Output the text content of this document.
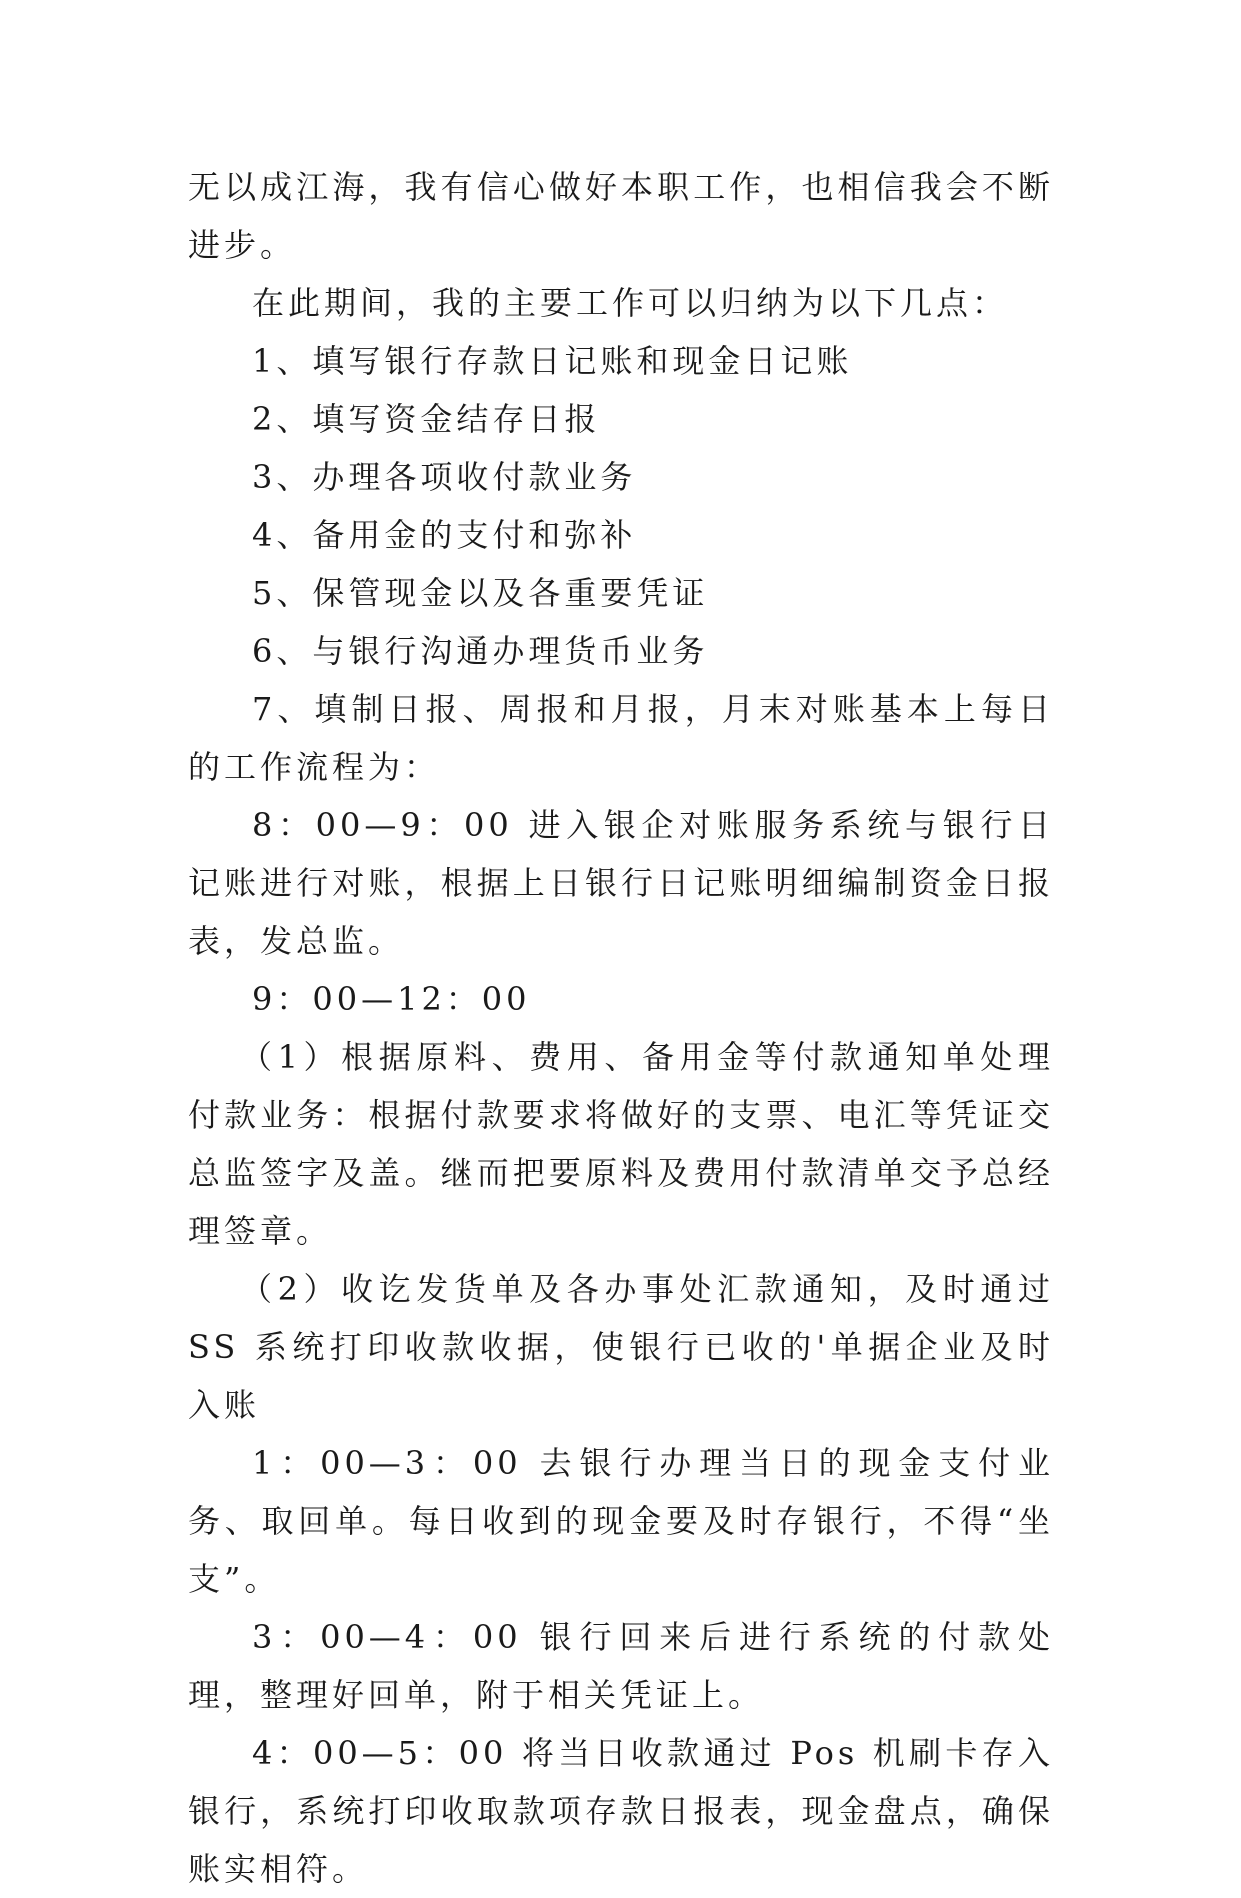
无以成江海，我有信心做好本职工作，也相信我会不断进步。

在此期间，我的主要工作可以归纳为以下几点：

1、填写银行存款日记账和现金日记账

2、填写资金结存日报

3、办理各项收付款业务

4、备用金的支付和弥补

5、保管现金以及各重要凭证

6、与银行沟通办理货币业务

7、填制日报、周报和月报，月末对账基本上每日的工作流程为：

8：00—9：00 进入银企对账服务系统与银行日记账进行对账，根据上日银行日记账明细编制资金日报表，发总监。

9：00—12：00

（1）根据原料、费用、备用金等付款通知单处理付款业务：根据付款要求将做好的支票、电汇等凭证交总监签字及盖。继而把要原料及费用付款清单交予总经理签章。

（2）收讫发货单及各办事处汇款通知，及时通过 SS 系统打印收款收据，使银行已收的'单据企业及时入账

1：00—3：00 去银行办理当日的现金支付业务、取回单。每日收到的现金要及时存银行，不得“坐支”。

3：00—4：00 银行回来后进行系统的付款处理，整理好回单，附于相关凭证上。

4：00—5：00 将当日收款通过 Pos 机刷卡存入银行，系统打印收取款项存款日报表，现金盘点，确保账实相符。
